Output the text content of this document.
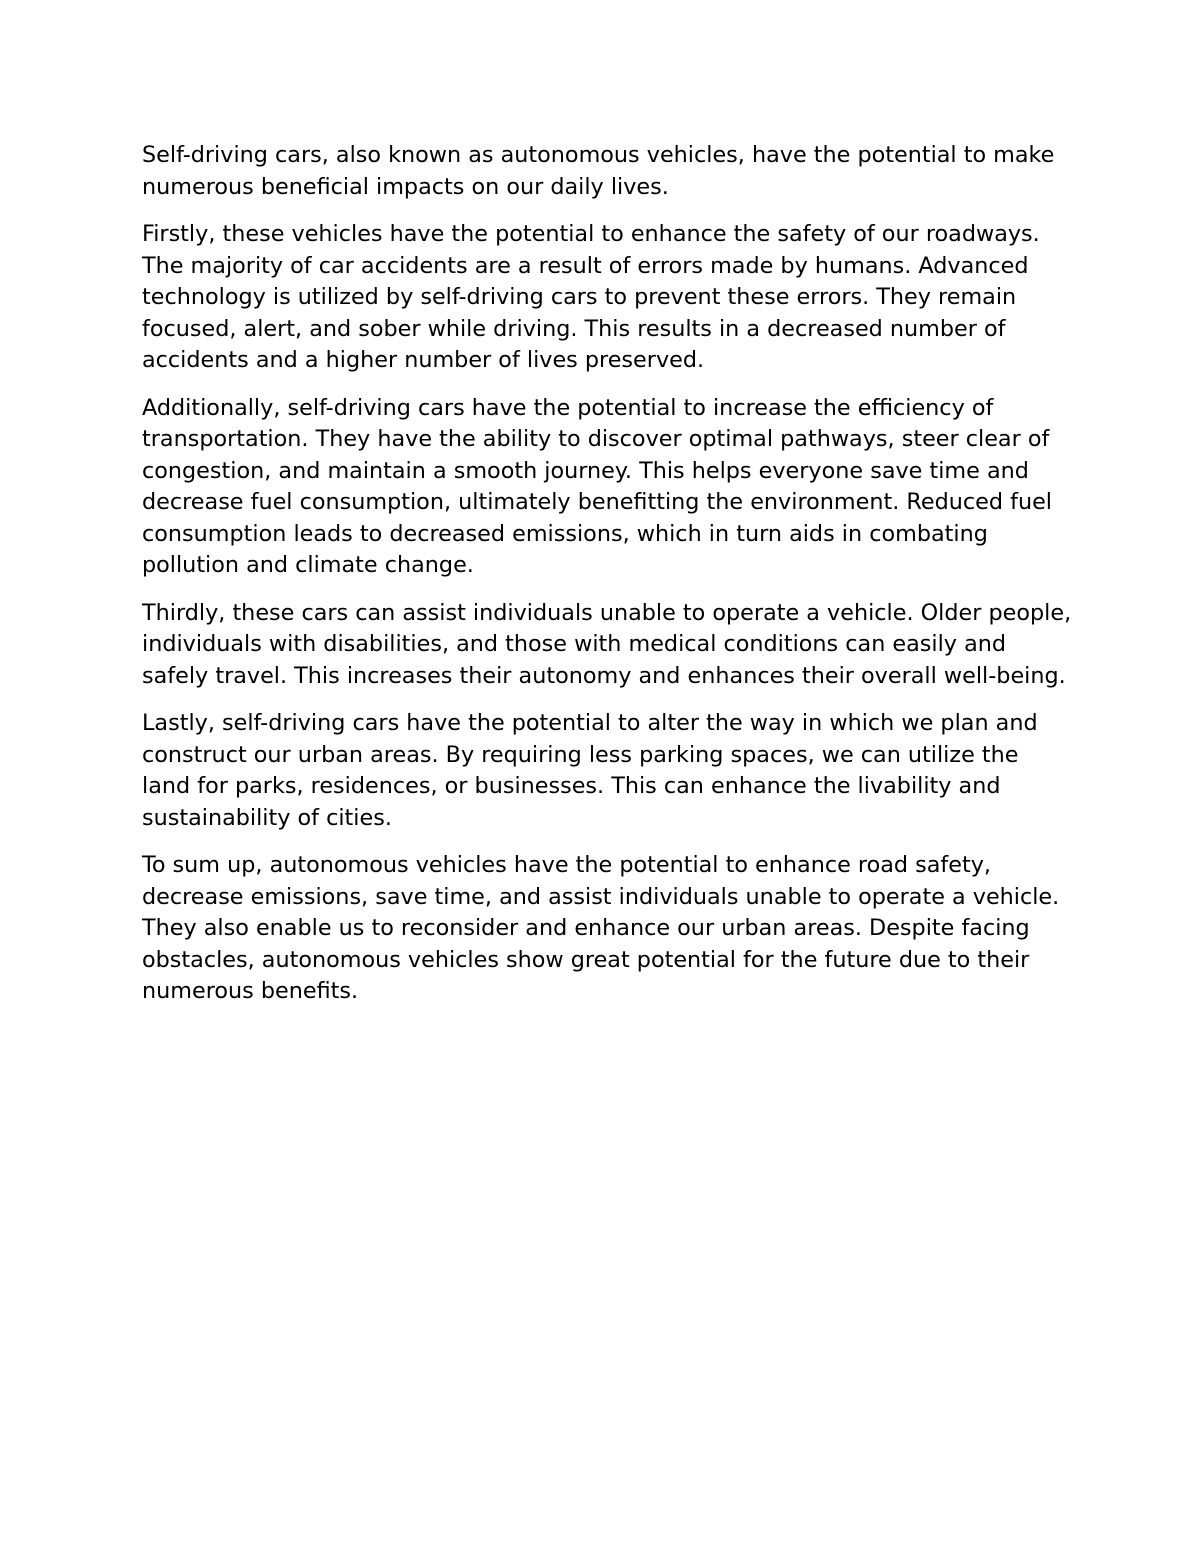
Self-driving cars, also known as autonomous vehicles, have the potential to make numerous beneficial impacts on our daily lives.

Firstly, these vehicles have the potential to enhance the safety of our roadways. The majority of car accidents are a result of errors made by humans. Advanced technology is utilized by self-driving cars to prevent these errors. They remain focused, alert, and sober while driving. This results in a decreased number of accidents and a higher number of lives preserved.

Additionally, self-driving cars have the potential to increase the efficiency of transportation. They have the ability to discover optimal pathways, steer clear of congestion, and maintain a smooth journey. This helps everyone save time and decrease fuel consumption, ultimately benefitting the environment. Reduced fuel consumption leads to decreased emissions, which in turn aids in combating pollution and climate change.

Thirdly, these cars can assist individuals unable to operate a vehicle. Older people, individuals with disabilities, and those with medical conditions can easily and safely travel. This increases their autonomy and enhances their overall well-being.

Lastly, self-driving cars have the potential to alter the way in which we plan and construct our urban areas. By requiring less parking spaces, we can utilize the land for parks, residences, or businesses. This can enhance the livability and sustainability of cities.

To sum up, autonomous vehicles have the potential to enhance road safety, decrease emissions, save time, and assist individuals unable to operate a vehicle. They also enable us to reconsider and enhance our urban areas. Despite facing obstacles, autonomous vehicles show great potential for the future due to their numerous benefits.
